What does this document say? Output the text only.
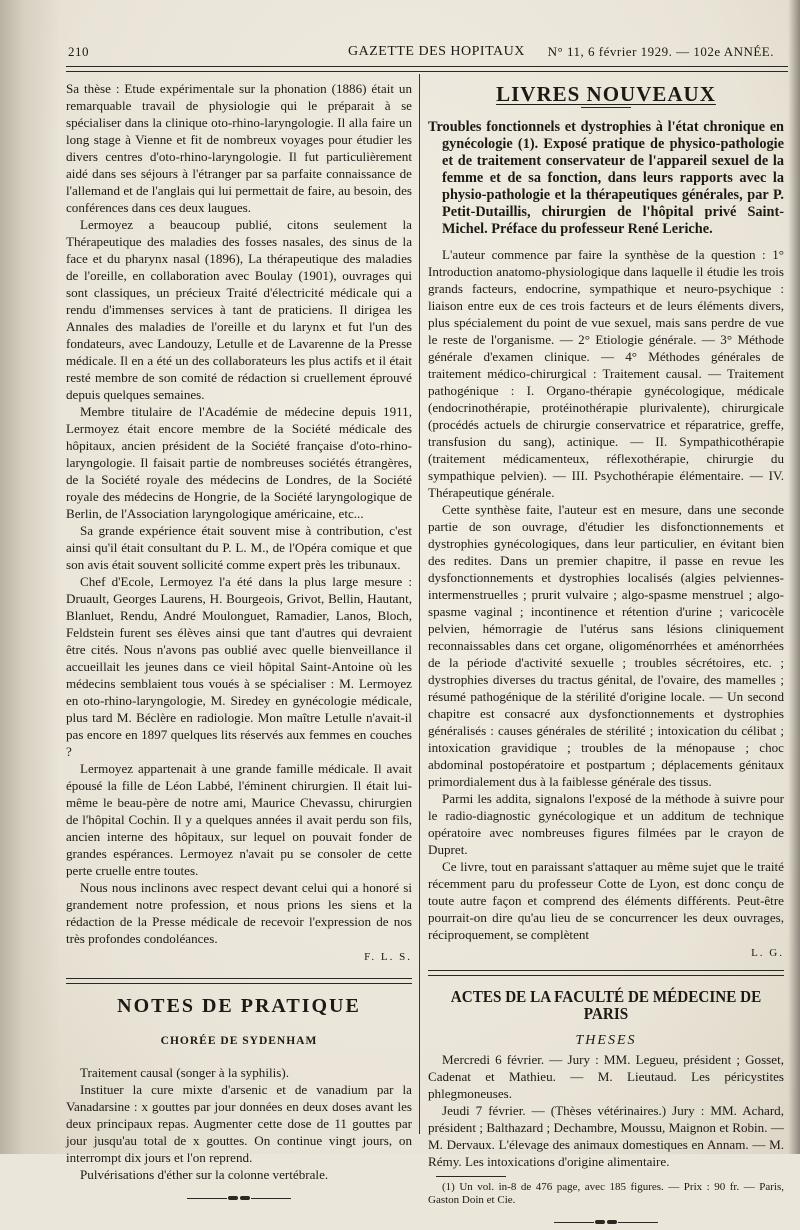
210	GAZETTE DES HOPITAUX N° 11, 6 février 1929. — 102e ANNÉE.

Sa thèse : Etude expérimentale sur la phonation (1886) était un remarquable travail de physiologie qui le préparait à se spécialiser dans la clinique oto-rhino-laryngologie. Il alla faire un long stage à Vienne et fit de nombreux voyages pour étudier les divers centres d'oto-rhino-laryngologie. Il fut particulièrement aidé dans ses séjours à l'étranger par sa parfaite connaissance de l'allemand et de l'anglais qui lui permettait de faire, au besoin, des conférences dans ces deux laugues.

Lermoyez a beaucoup publié, citons seulement la Thérapeutique des maladies des fosses nasales, des sinus de la face et du pharynx nasal (1896), La thérapeutique des maladies de l'oreille, en collaboration avec Boulay (1901), ouvrages qui sont classiques, un précieux Traité d'électricité médicale qui a rendu d'immenses services à tant de praticiens. Il dirigea les Annales des maladies de l'oreille et du larynx et fut l'un des fondateurs, avec Landouzy, Letulle et de Lavarenne de la Presse médicale. Il en a été un des collaborateurs les plus actifs et il était resté membre de son comité de rédaction si cruellement éprouvé depuis quelques semaines.

Membre titulaire de l'Académie de médecine depuis 1911, Lermoyez était encore membre de la Société médicale des hôpitaux, ancien président de la Société française d'oto-rhino-laryngologie. Il faisait partie de nombreuses sociétés étrangères, de la Société royale des médecins de Londres, de la Société royale des médecins de Hongrie, de la Société laryngologique de Berlin, de l'Association laryngologique américaine, etc...

Sa grande expérience était souvent mise à contribution, c'est ainsi qu'il était consultant du P. L. M., de l'Opéra comique et que son avis était souvent sollicité comme expert près les tribunaux.

Chef d'Ecole, Lermoyez l'a été dans la plus large mesure : Druault, Georges Laurens, H. Bourgeois, Grivot, Bellin, Hautant, Blanluet, Rendu, André Moulonguet, Ramadier, Lanos, Bloch, Feldstein furent ses élèves ainsi que tant d'autres qui devraient être cités. Nous n'avons pas oublié avec quelle bienveillance il accueillait les jeunes dans ce vieil hôpital Saint-Antoine où les médecins semblaient tous voués à se spécialiser : M. Lermoyez en oto-rhino-laryngologie, M. Siredey en gynécologie médicale, plus tard M. Béclère en radiologie. Mon maître Letulle n'avait-il pas encore en 1897 quelques lits réservés aux femmes en couches ?

Lermoyez appartenait à une grande famille médicale. Il avait épousé la fille de Léon Labbé, l'éminent chirurgien. Il était lui-même le beau-père de notre ami, Maurice Chevassu, chirurgien de l'hôpital Cochin. Il y a quelques années il avait perdu son fils, ancien interne des hôpitaux, sur lequel on pouvait fonder de grandes espérances. Lermoyez n'avait pu se consoler de cette perte cruelle entre toutes.

Nous nous inclinons avec respect devant celui qui a honoré si grandement notre profession, et nous prions les siens et la rédaction de la Presse médicale de recevoir l'expression de nos très profondes condoléances.

F. L. S.

NOTES DE PRATIQUE
CHORÉE DE SYDENHAM

Traitement causal (songer à la syphilis).

Instituer la cure mixte d'arsenic et de vanadium par la Vanadarsine : x gouttes par jour données en deux doses avant les deux principaux repas. Augmenter cette dose de 11 gouttes par jour jusqu'au total de x gouttes. On continue vingt jours, on interrompt dix jours et l'on reprend.

Pulvérisations d'éther sur la colonne vertébrale.

LIVRES NOUVEAUX

Troubles fonctionnels et dystrophies à l'état chronique en gynécologie (1). Exposé pratique de physico-pathologie et de traitement conservateur de l'appareil sexuel de la femme et de sa fonction, dans leurs rapports avec la physio-pathologie et la thérapeutiques générales, par P. Petit-Dutaillis, chirurgien de l'hôpital privé Saint-Michel. Préface du professeur René Leriche.

L'auteur commence par faire la synthèse de la question : 1° Introduction anatomo-physiologique dans laquelle il étudie les trois grands facteurs, endocrine, sympathique et neuro-psychique : liaison entre eux de ces trois facteurs et de leurs éléments divers, plus spécialement du point de vue sexuel, mais sans perdre de vue le reste de l'organisme. — 2° Etiologie générale. — 3° Méthode générale d'examen clinique. — 4° Méthodes générales de traitement médico-chirurgical : Traitement causal. — Traitement pathogénique : I. Organo-thérapie gynécologique, médicale (endocrinothérapie, protéinothérapie plurivalente), chirurgicale (procédés actuels de chirurgie conservatrice et réparatrice, greffe, transfusion du sang), actinique. — II. Sympathicothérapie (traitement médicamenteux, réflexothérapie, chirurgie du sympathique pelvien). — III. Psychothérapie élémentaire. — IV. Thérapeutique générale.

Cette synthèse faite, l'auteur est en mesure, dans une seconde partie de son ouvrage, d'étudier les disfonctionnements et dystrophies gynécologiques, dans leur particulier, en évitant bien des redites. Dans un premier chapitre, il passe en revue les dysfonctionnements et dystrophies localisés (algies pelviennes-intermenstruelles ; prurit vulvaire ; algo-spasme menstruel ; algo-spasme vaginal ; incontinence et rétention d'urine ; varicocèle pelvien, hémorragie de l'utérus sans lésions cliniquement reconnaissables dans cet organe, oligoménorrhées et aménorrhées de la période d'activité sexuelle ; troubles sécrétoires, etc. ; dystrophies diverses du tractus génital, de l'ovaire, des mamelles ; résumé pathogénique de la stérilité d'origine locale. — Un second chapitre est consacré aux dysfonctionnements et dystrophies généralisés : causes générales de stérilité ; intoxication du célibat ; intoxication gravidique ; troubles de la ménopause ; choc abdominal postopératoire et postpartum ; déplacements génitaux primordialement dus à la faiblesse générale des tissus.

Parmi les addita, signalons l'exposé de la méthode à suivre pour le radio-diagnostic gynécologique et un additum de technique opératoire avec nombreuses figures filmées par le crayon de Dupret.

Ce livre, tout en paraissant s'attaquer au même sujet que le traité récemment paru du professeur Cotte de Lyon, est donc conçu de toute autre façon et comprend des éléments différents. Peut-être pourrait-on dire qu'au lieu de se concurrencer les deux ouvrages, réciproquement, se complètent

L. G.

ACTES DE LA FACULTÉ DE MÉDECINE DE PARIS
THESES

Mercredi 6 février. — Jury : MM. Legueu, président ; Gosset, Cadenat et Mathieu. — M. Lieutaud. Les péricystites phlegmoneuses.

Jeudi 7 février. — (Thèses vétérinaires.) Jury : MM. Achard, président ; Balthazard ; Dechambre, Moussu, Maignon et Robin. — M. Dervaux. L'élevage des animaux domestiques en Annam. — M. Rémy. Les intoxications d'origine alimentaire.

(1) Un vol. in-8 de 476 page, avec 185 figures. — Prix : 90 fr. — Paris, Gaston Doin et Cie.
